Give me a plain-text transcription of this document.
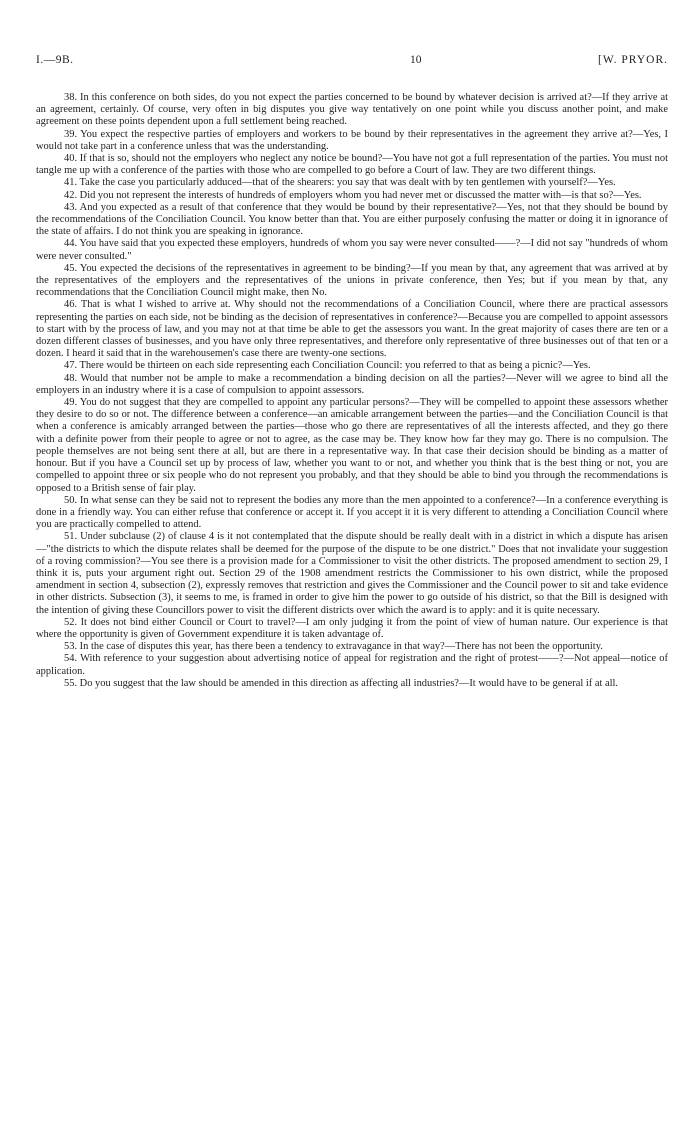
I.—9B.	10	[W. PRYOR.

38. In this conference on both sides, do you not expect the parties concerned to be bound by whatever decision is arrived at?—If they arrive at an agreement, certainly. Of course, very often in big disputes you give way tentatively on one point while you discuss another point, and make agreement on these points dependent upon a full settlement being reached.

39. You expect the respective parties of employers and workers to be bound by their representatives in the agreement they arrive at?—Yes, I would not take part in a conference unless that was the understanding.

40. If that is so, should not the employers who neglect any notice be bound?—You have not got a full representation of the parties. You must not tangle me up with a conference of the parties with those who are compelled to go before a Court of law. They are two different things.

41. Take the case you particularly adduced—that of the shearers: you say that was dealt with by ten gentlemen with yourself?—Yes.

42. Did you not represent the interests of hundreds of employers whom you had never met or discussed the matter with—is that so?—Yes.

43. And you expected as a result of that conference that they would be bound by their representative?—Yes, not that they should be bound by the recommendations of the Conciliation Council. You know better than that. You are either purposely confusing the matter or doing it in ignorance of the state of affairs. I do not think you are speaking in ignorance.

44. You have said that you expected these employers, hundreds of whom you say were never consulted——?—I did not say "hundreds of whom were never consulted."

45. You expected the decisions of the representatives in agreement to be binding?—If you mean by that, any agreement that was arrived at by the representatives of the employers and the representatives of the unions in private conference, then Yes; but if you mean by that, any recommendations that the Conciliation Council might make, then No.

46. That is what I wished to arrive at. Why should not the recommendations of a Conciliation Council, where there are practical assessors representing the parties on each side, not be binding as the decision of representatives in conference?—Because you are compelled to appoint assessors to start with by the process of law, and you may not at that time be able to get the assessors you want. In the great majority of cases there are ten or a dozen different classes of businesses, and you have only three representatives, and therefore only representative of three businesses out of that ten or a dozen. I heard it said that in the warehousemen's case there are twenty-one sections.

47. There would be thirteen on each side representing each Conciliation Council: you referred to that as being a picnic?—Yes.

48. Would that number not be ample to make a recommendation a binding decision on all the parties?—Never will we agree to bind all the employers in an industry where it is a case of compulsion to appoint assessors.

49. You do not suggest that they are compelled to appoint any particular persons?—They will be compelled to appoint these assessors whether they desire to do so or not. The difference between a conference—an amicable arrangement between the parties—and the Conciliation Council is that when a conference is amicably arranged between the parties—those who go there are representatives of all the interests affected, and they go there with a definite power from their people to agree or not to agree, as the case may be. They know how far they may go. There is no compulsion. The people themselves are not being sent there at all, but are there in a representative way. In that case their decision should be binding as a matter of honour. But if you have a Council set up by process of law, whether you want to or not, and whether you think that is the best thing or not, you are compelled to appoint three or six people who do not represent you probably, and that they should be able to bind you through the recommendations is opposed to a British sense of fair play.

50. In what sense can they be said not to represent the bodies any more than the men appointed to a conference?—In a conference everything is done in a friendly way. You can either refuse that conference or accept it. If you accept it it is very different to attending a Conciliation Council where you are practically compelled to attend.

51. Under subclause (2) of clause 4 is it not contemplated that the dispute should be really dealt with in a district in which a dispute has arisen—"the districts to which the dispute relates shall be deemed for the purpose of the dispute to be one district." Does that not invalidate your suggestion of a roving commission?—You see there is a provision made for a Commissioner to visit the other districts. The proposed amendment to section 29, I think it is, puts your argument right out. Section 29 of the 1908 amendment restricts the Commissioner to his own district, while the proposed amendment in section 4, subsection (2), expressly removes that restriction and gives the Commissioner and the Council power to sit and take evidence in other districts. Subsection (3), it seems to me, is framed in order to give him the power to go outside of his district, so that the Bill is designed with the intention of giving these Councillors power to visit the different districts over which the award is to apply: and it is quite necessary.

52. It does not bind either Council or Court to travel?—I am only judging it from the point of view of human nature. Our experience is that where the opportunity is given of Government expenditure it is taken advantage of.

53. In the case of disputes this year, has there been a tendency to extravagance in that way?—There has not been the opportunity.

54. With reference to your suggestion about advertising notice of appeal for registration and the right of protest——?—Not appeal—notice of application.

55. Do you suggest that the law should be amended in this direction as affecting all industries?—It would have to be general if at all.
